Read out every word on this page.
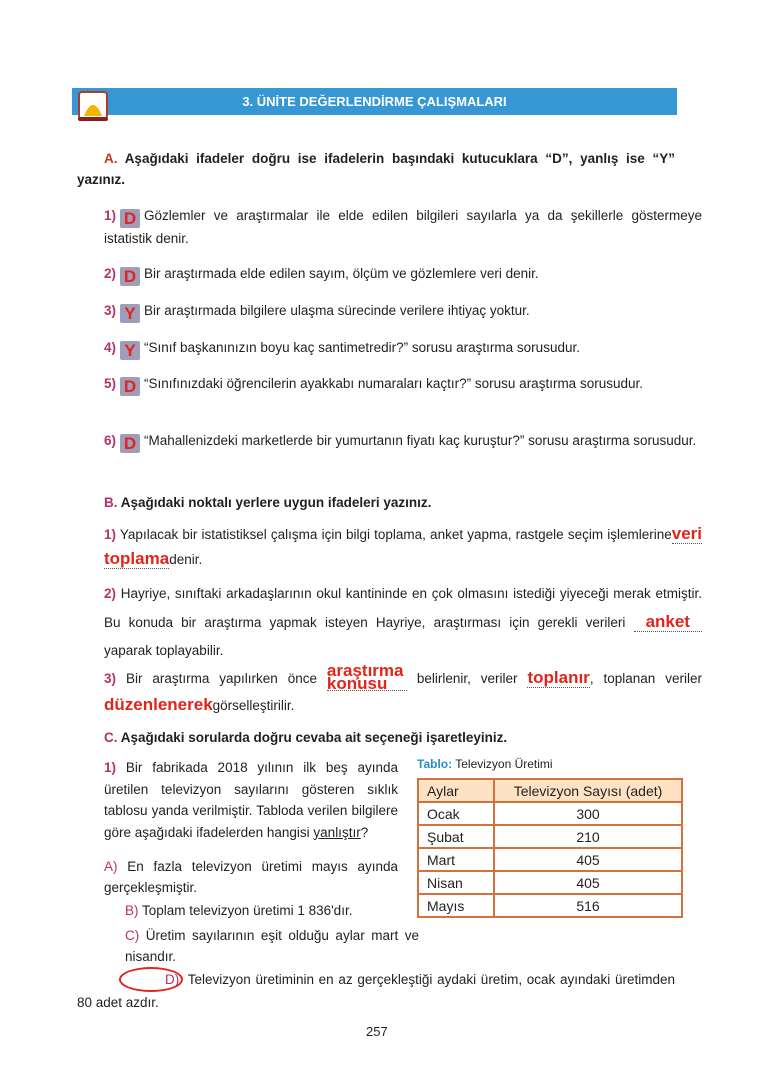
3. ÜNİTE DEĞERLENDİRME ÇALIŞMALARI
A. Aşağıdaki ifadeler doğru ise ifadelerin başındaki kutucuklara “D”, yanlış ise “Y” yazınız.
1) D Gözlemler ve araştırmalar ile elde edilen bilgileri sayılarla ya da şekillerle göstermeye istatistik denir.
2) D Bir araştırmada elde edilen sayım, ölçüm ve gözlemlere veri denir.
3) Y Bir araştırmada bilgilere ulaşma sürecinde verilere ihtiyaç yoktur.
4) Y “Sınıf başkanınızın boyu kaç santimetredir?” sorusu araştırma sorusudur.
5) D “Sınıfınızdaki öğrencilerin ayakkabı numaraları kaçtır?” sorusu araştırma sorusudur.
6) D “Mahallenizdeki marketlerde bir yumurtanın fiyatı kaç kuruştur?” sorusu araştırma sorusudur.
B. Aşağıdaki noktalı yerlere uygun ifadeleri yazınız.
1) Yapılacak bir istatistiksel çalışma için bilgi toplama, anket yapma, rastgele seçim işlemlerineveri toplamadenir.
2) Hayriye, sınıftaki arkadaşlarının okul kantininde en çok olmasını istediği yiyeceği merak etmiştir. Bu konuda bir araştırma yapmak isteyen Hayriye, araştırması için gerekli verileri anket yaparak toplayabilir.
3) Bir araştırma yapılırken önce araştırma konusu belirlenir, veriler toplanır, toplanan veriler düzenlenerekgörselleştirilir.
C. Aşağıdaki sorularda doğru cevaba ait seçeneği işaretleyiniz.
1) Bir fabrikada 2018 yılının ilk beş ayında üretilen televizyon sayılarını gösteren sıklık tablosu yanda verilmiştir. Tabloda verilen bilgilere göre aşağıdaki ifadelerden hangisi yanlıştır?
A) En fazla televizyon üretimi mayıs ayında gerçekleşmiştir.
B) Toplam televizyon üretimi 1 836'dır.
C) Üretim sayılarının eşit olduğu aylar mart ve nisandır.
D) Televizyon üretiminin en az gerçekleştiği aydaki üretim, ocak ayındaki üretimden 80 adet azdır.
Tablo: Televizyon Üretimi
Aylar	Televizyon Sayısı (adet)
Ocak	300
Şubat	210
Mart	405
Nisan	405
Mayıs	516
257
